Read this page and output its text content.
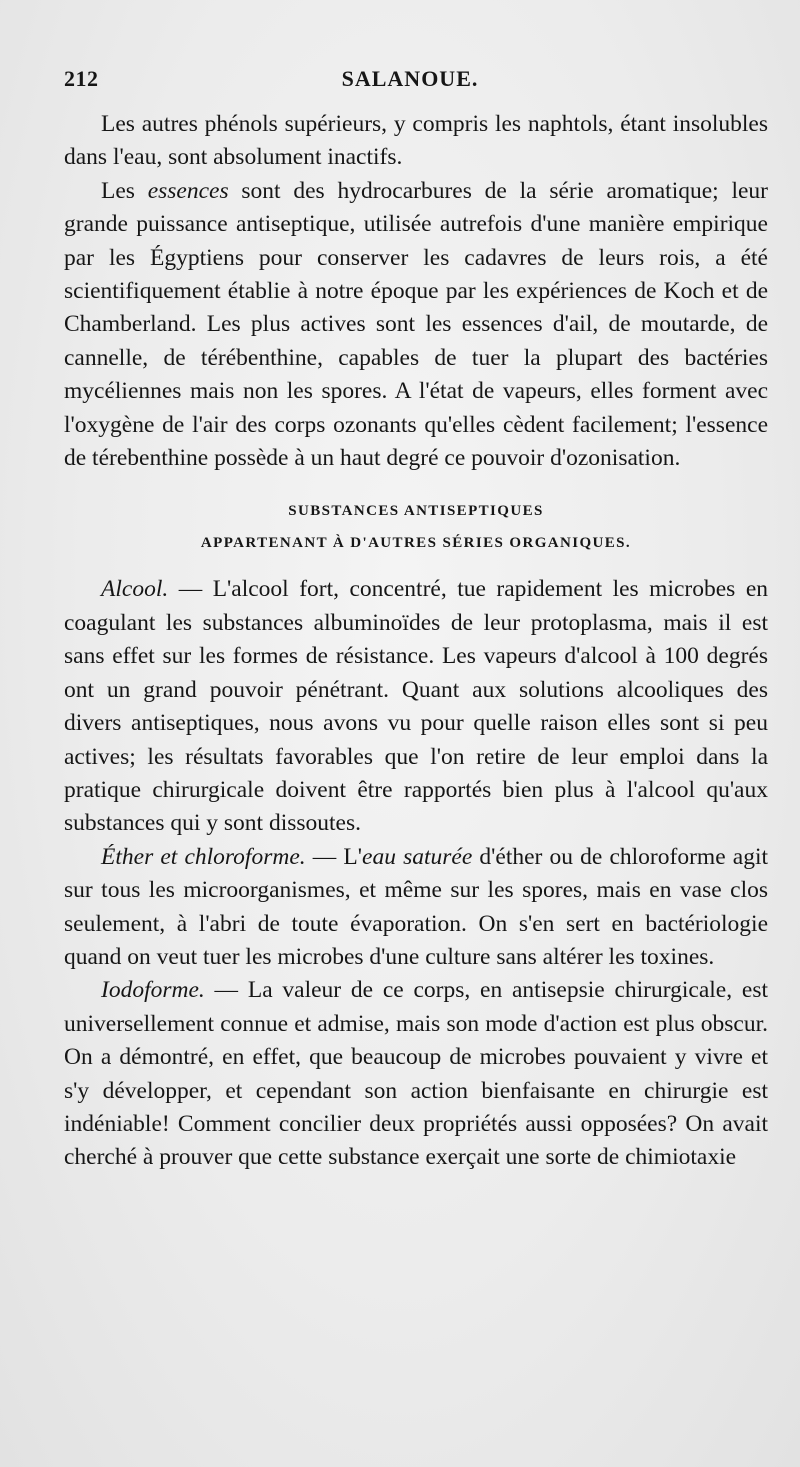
212	SALANOUE.

Les autres phénols supérieurs, y compris les naphtols, étant insolubles dans l'eau, sont absolument inactifs.

Les essences sont des hydrocarbures de la série aromatique; leur grande puissance antiseptique, utilisée autrefois d'une manière empirique par les Égyptiens pour conserver les cadavres de leurs rois, a été scientifiquement établie à notre époque par les expériences de Koch et de Chamberland. Les plus actives sont les essences d'ail, de moutarde, de cannelle, de térébenthine, capables de tuer la plupart des bactéries mycéliennes mais non les spores. A l'état de vapeurs, elles forment avec l'oxygène de l'air des corps ozonants qu'elles cèdent facilement; l'essence de térebenthine possède à un haut degré ce pouvoir d'ozonisation.

SUBSTANCES ANTISEPTIQUES
APPARTENANT À D'AUTRES SÉRIES ORGANIQUES.

Alcool. — L'alcool fort, concentré, tue rapidement les microbes en coagulant les substances albuminoïdes de leur protoplasma, mais il est sans effet sur les formes de résistance. Les vapeurs d'alcool à 100 degrés ont un grand pouvoir pénétrant. Quant aux solutions alcooliques des divers antiseptiques, nous avons vu pour quelle raison elles sont si peu actives; les résultats favorables que l'on retire de leur emploi dans la pratique chirurgicale doivent être rapportés bien plus à l'alcool qu'aux substances qui y sont dissoutes.

Éther et chloroforme. — L'eau saturée d'éther ou de chloroforme agit sur tous les microorganismes, et même sur les spores, mais en vase clos seulement, à l'abri de toute évaporation. On s'en sert en bactériologie quand on veut tuer les microbes d'une culture sans altérer les toxines.

Iodoforme. — La valeur de ce corps, en antisepsie chirurgicale, est universellement connue et admise, mais son mode d'action est plus obscur. On a démontré, en effet, que beaucoup de microbes pouvaient y vivre et s'y développer, et cependant son action bienfaisante en chirurgie est indéniable! Comment concilier deux propriétés aussi opposées? On avait cherché à prouver que cette substance exerçait une sorte de chimiotaxie
